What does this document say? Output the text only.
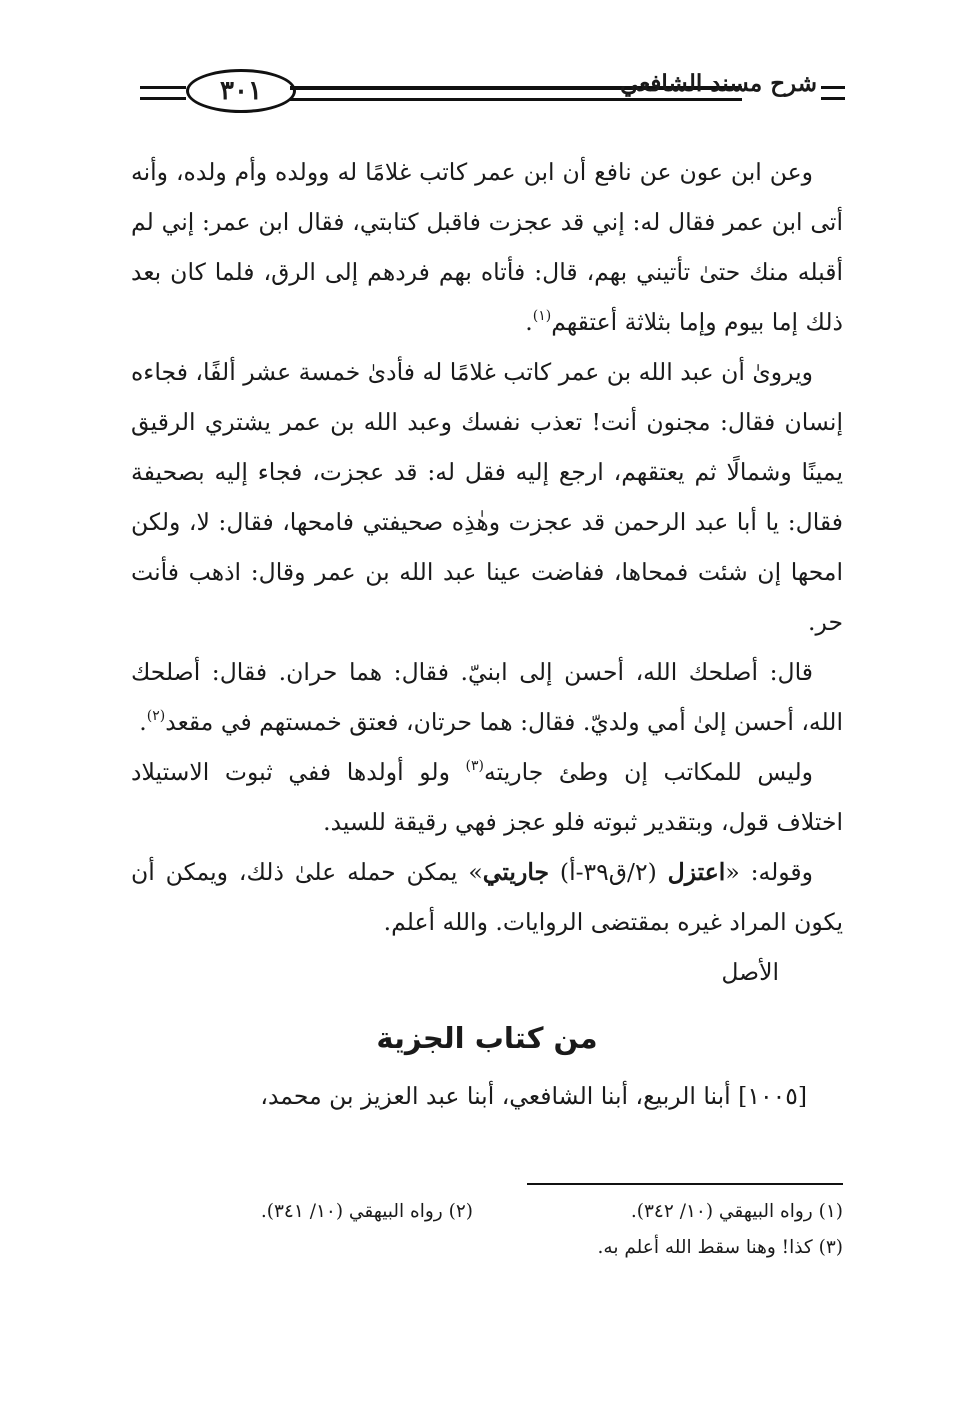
٣٠١	شرح مسند الشافعي

وعن ابن عون عن نافع أن ابن عمر كاتب غلامًا له وولده وأم ولده، وأنه أتى ابن عمر فقال له: إني قد عجزت فاقبل كتابتي، فقال ابن عمر: إني لم أقبله منك حتىٰ تأتيني بهم، قال: فأتاه بهم فردهم إلى الرق، فلما كان بعد ذلك إما بيوم وإما بثلاثة أعتقهم$^{(١)}$.

ويروىٰ أن عبد الله بن عمر كاتب غلامًا له فأدىٰ خمسة عشر ألفًا، فجاءه إنسان فقال: مجنون أنت! تعذب نفسك وعبد الله بن عمر يشتري الرقيق يمينًا وشمالًا ثم يعتقهم، ارجع إليه فقل له: قد عجزت، فجاء إليه بصحيفة فقال: يا أبا عبد الرحمن قد عجزت وهٰذِه صحيفتي فامحها، فقال: لا، ولكن امحها إن شئت فمحاها، ففاضت عينا عبد الله بن عمر وقال: اذهب فأنت حر.

قال: أصلحك الله، أحسن إلى ابنيّ. فقال: هما حران. فقال: أصلحك الله، أحسن إلىٰ أمي ولديّ. فقال: هما حرتان، فعتق خمستهم في مقعد$^{(٢)}$.

وليس للمكاتب إن وطئ جاريته$^{(٣)}$ ولو أولدها ففي ثبوت الاستيلاد اختلاف قول، وبتقدير ثبوته فلو عجز فهي رقيقة للسيد.

وقوله: «اعتزل (٢/ق٣٩-أ) جاريتي» يمكن حمله علىٰ ذلك، ويمكن أن يكون المراد غيره بمقتضى الروايات. والله أعلم.

الأصل

من كتاب الجزية

[١٠٠٥] أبنا الربيع، أبنا الشافعي، أبنا عبد العزيز بن محمد،

(١) رواه البيهقي (١٠/ ٣٤٢).
(٢) رواه البيهقي (١٠/ ٣٤١).
(٣) كذا! وهنا سقط الله أعلم به.
